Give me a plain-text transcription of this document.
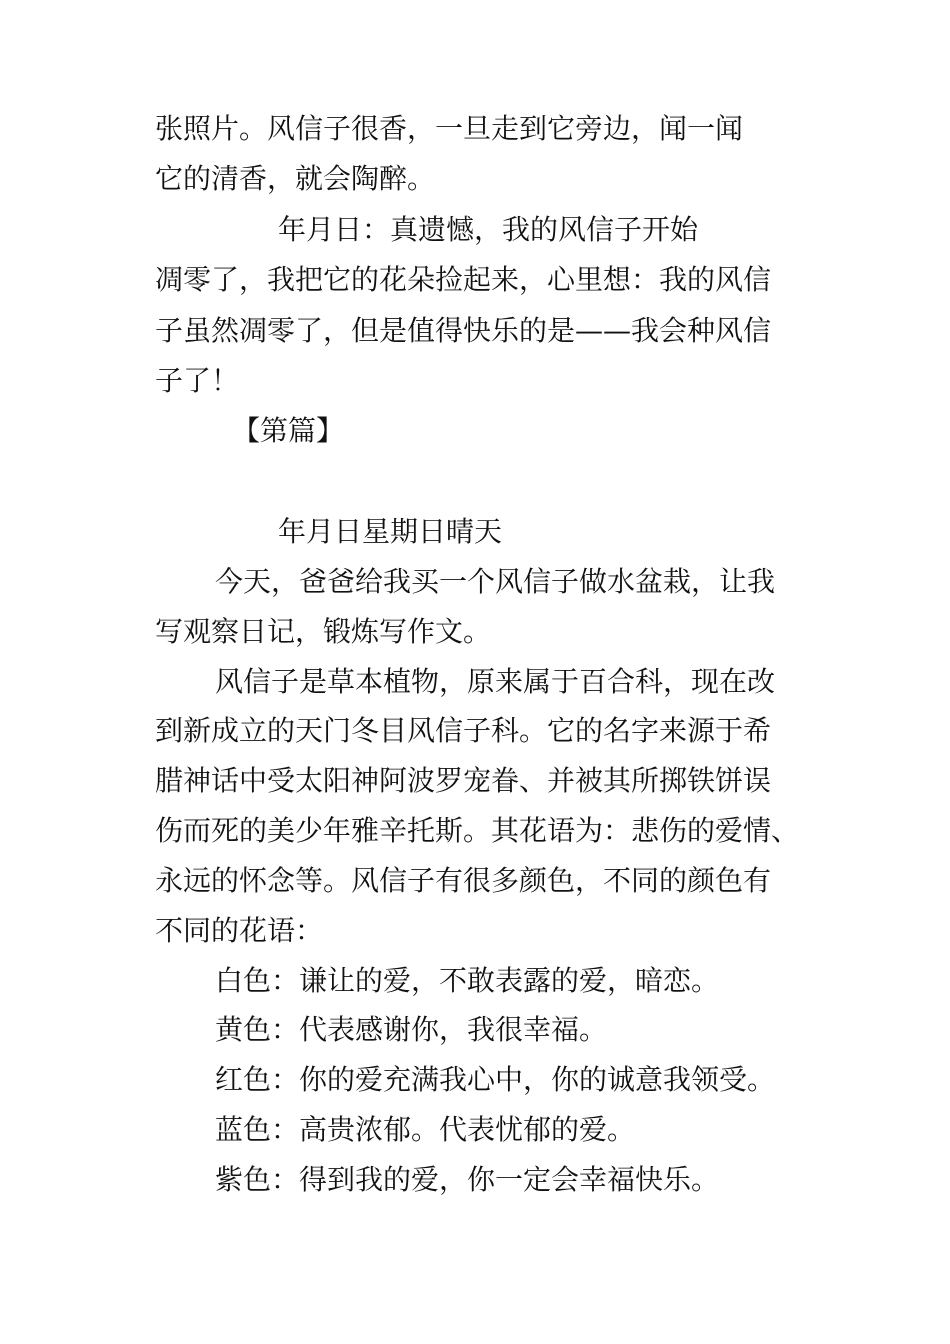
张照片。风信子很香，一旦走到它旁边，闻一闻
它的清香，就会陶醉。
年月日：真遗憾，我的风信子开始
凋零了，我把它的花朵捡起来，心里想：我的风信
子虽然凋零了，但是值得快乐的是——我会种风信
子了！
【第篇】
年月日星期日晴天
今天，爸爸给我买一个风信子做水盆栽，让我
写观察日记，锻炼写作文。
风信子是草本植物，原来属于百合科，现在改
到新成立的天门冬目风信子科。它的名字来源于希
腊神话中受太阳神阿波罗宠眷、并被其所掷铁饼误
伤而死的美少年雅辛托斯。其花语为：悲伤的爱情、
永远的怀念等。风信子有很多颜色，不同的颜色有
不同的花语：
白色：谦让的爱，不敢表露的爱，暗恋。
黄色：代表感谢你，我很幸福。
红色：你的爱充满我心中，你的诚意我领受。
蓝色：高贵浓郁。代表忧郁的爱。
紫色：得到我的爱，你一定会幸福快乐。
